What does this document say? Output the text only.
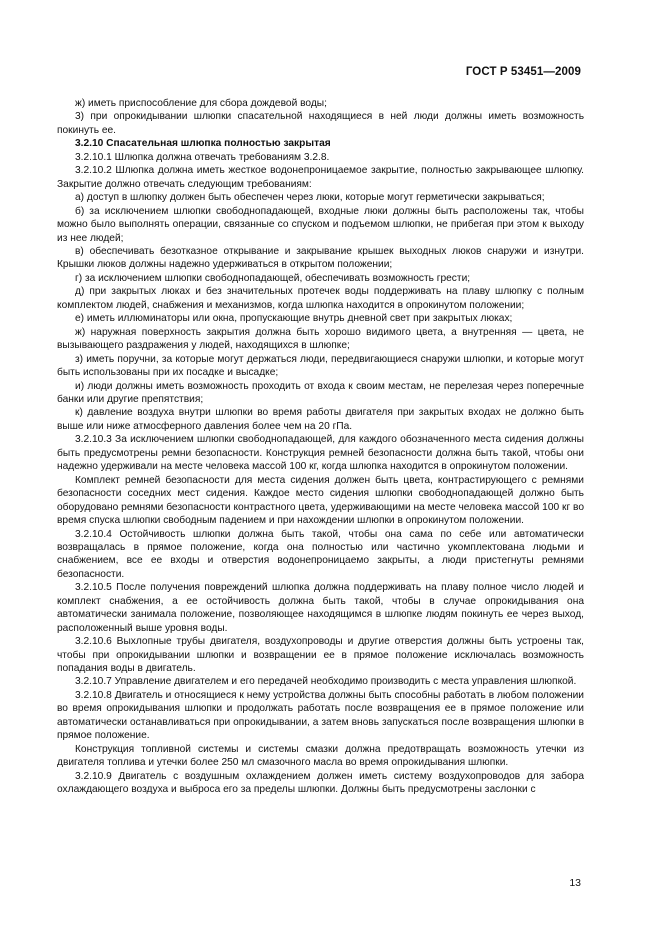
ГОСТ Р 53451—2009

ж) иметь приспособление для сбора дождевой воды;

3) при опрокидывании шлюпки спасательной находящиеся в ней люди должны иметь возможность покинуть ее.

3.2.10 Спасательная шлюпка полностью закрытая

3.2.10.1 Шлюпка должна отвечать требованиям 3.2.8.

3.2.10.2 Шлюпка должна иметь жесткое водонепроницаемое закрытие, полностью закрывающее шлюпку. Закрытие должно отвечать следующим требованиям:

а) доступ в шлюпку должен быть обеспечен через люки, которые могут герметически закрываться;

б) за исключением шлюпки свободнопадающей, входные люки должны быть расположены так, чтобы можно было выполнять операции, связанные со спуском и подъемом шлюпки, не прибегая при этом к выходу из нее людей;

в) обеспечивать безотказное открывание и закрывание крышек выходных люков снаружи и изнутри. Крышки люков должны надежно удерживаться в открытом положении;

г) за исключением шлюпки свободнопадающей, обеспечивать возможность грести;

д) при закрытых люках и без значительных протечек воды поддерживать на плаву шлюпку с полным комплектом людей, снабжения и механизмов, когда шлюпка находится в опрокинутом положении;

е) иметь иллюминаторы или окна, пропускающие внутрь дневной свет при закрытых люках;

ж) наружная поверхность закрытия должна быть хорошо видимого цвета, а внутренняя — цвета, не вызывающего раздражения у людей, находящихся в шлюпке;

з) иметь поручни, за которые могут держаться люди, передвигающиеся снаружи шлюпки, и которые могут быть использованы при их посадке и высадке;

и) люди должны иметь возможность проходить от входа к своим местам, не перелезая через поперечные банки или другие препятствия;

к) давление воздуха внутри шлюпки во время работы двигателя при закрытых входах не должно быть выше или ниже атмосферного давления более чем на 20 гПа.

3.2.10.3 За исключением шлюпки свободнопадающей, для каждого обозначенного места сидения должны быть предусмотрены ремни безопасности. Конструкция ремней безопасности должна быть такой, чтобы они надежно удерживали на месте человека массой 100 кг, когда шлюпка находится в опрокинутом положении.

Комплект ремней безопасности для места сидения должен быть цвета, контрастирующего с ремнями безопасности соседних мест сидения. Каждое место сидения шлюпки свободнопадающей должно быть оборудовано ремнями безопасности контрастного цвета, удерживающими на месте человека массой 100 кг во время спуска шлюпки свободным падением и при нахождении шлюпки в опрокинутом положении.

3.2.10.4 Остойчивость шлюпки должна быть такой, чтобы она сама по себе или автоматически возвращалась в прямое положение, когда она полностью или частично укомплектована людьми и снабжением, все ее входы и отверстия водонепроницаемо закрыты, а люди пристегнуты ремнями безопасности.

3.2.10.5 После получения повреждений шлюпка должна поддерживать на плаву полное число людей и комплект снабжения, а ее остойчивость должна быть такой, чтобы в случае опрокидывания она автоматически занимала положение, позволяющее находящимся в шлюпке людям покинуть ее через выход, расположенный выше уровня воды.

3.2.10.6 Выхлопные трубы двигателя, воздухопроводы и другие отверстия должны быть устроены так, чтобы при опрокидывании шлюпки и возвращении ее в прямое положение исключалась возможность попадания воды в двигатель.

3.2.10.7 Управление двигателем и его передачей необходимо производить с места управления шлюпкой.

3.2.10.8 Двигатель и относящиеся к нему устройства должны быть способны работать в любом положении во время опрокидывания шлюпки и продолжать работать после возвращения ее в прямое положение или автоматически останавливаться при опрокидывании, а затем вновь запускаться после возвращения шлюпки в прямое положение.

Конструкция топливной системы и системы смазки должна предотвращать возможность утечки из двигателя топлива и утечки более 250 мл смазочного масла во время опрокидывания шлюпки.

3.2.10.9 Двигатель с воздушным охлаждением должен иметь систему воздухопроводов для забора охлаждающего воздуха и выброса его за пределы шлюпки. Должны быть предусмотрены заслонки с

13
